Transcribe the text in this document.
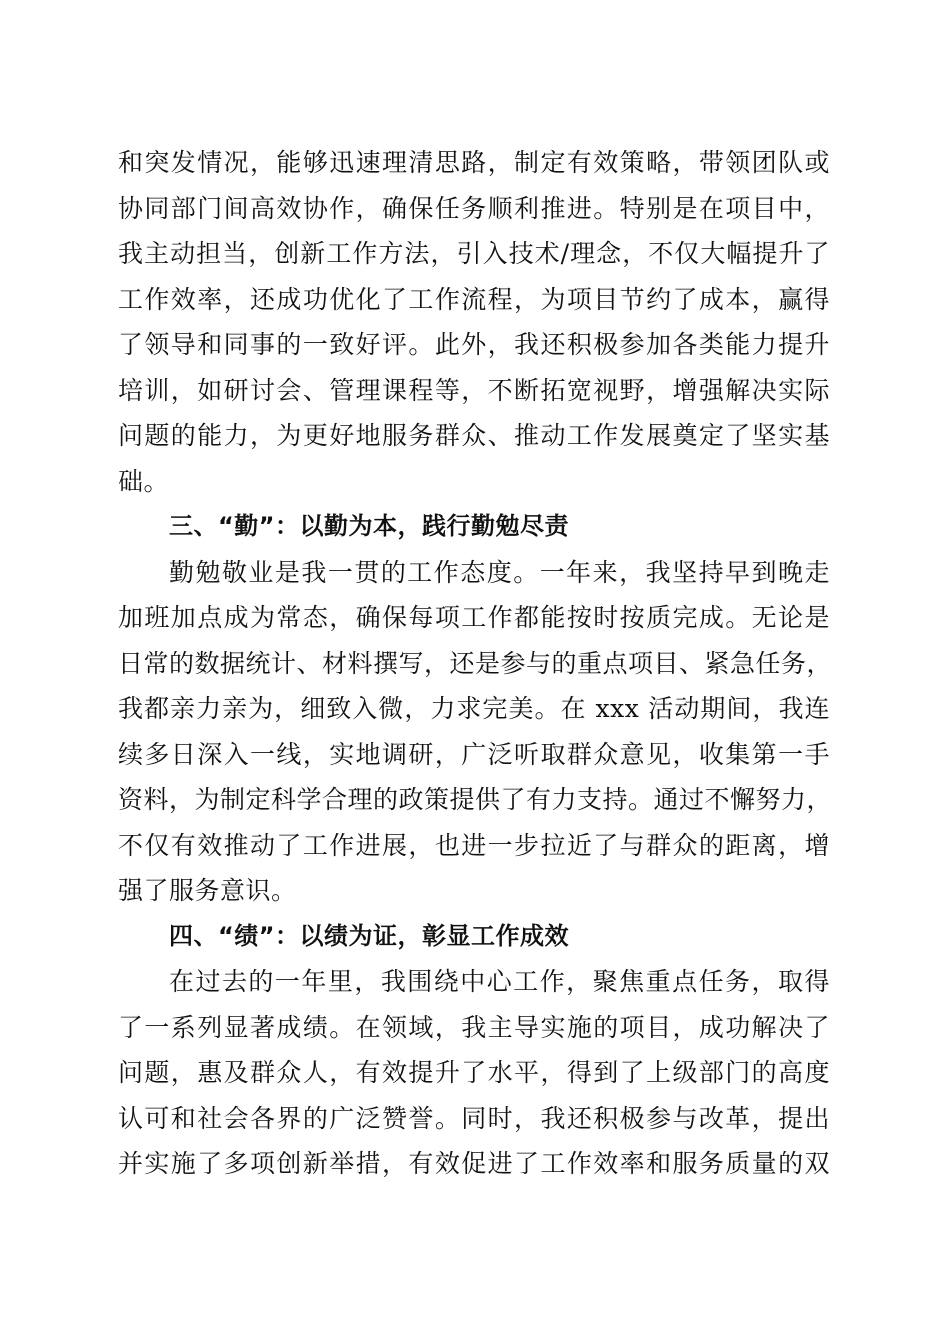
和突发情况，能够迅速理清思路，制定有效策略，带领团队或
协同部门间高效协作，确保任务顺利推进。特别是在项目中，
我主动担当，创新工作方法，引入技术/理念，不仅大幅提升了
工作效率，还成功优化了工作流程，为项目节约了成本，赢得
了领导和同事的一致好评。此外，我还积极参加各类能力提升
培训，如研讨会、管理课程等，不断拓宽视野，增强解决实际
问题的能力，为更好地服务群众、推动工作发展奠定了坚实基
础。
三、“勤”：以勤为本，践行勤勉尽责
勤勉敬业是我一贯的工作态度。一年来，我坚持早到晚走
加班加点成为常态，确保每项工作都能按时按质完成。无论是
日常的数据统计、材料撰写，还是参与的重点项目、紧急任务，
我都亲力亲为，细致入微，力求完美。在 xxx 活动期间，我连
续多日深入一线，实地调研，广泛听取群众意见，收集第一手
资料，为制定科学合理的政策提供了有力支持。通过不懈努力，
不仅有效推动了工作进展，也进一步拉近了与群众的距离，增
强了服务意识。
四、“绩”：以绩为证，彰显工作成效
在过去的一年里，我围绕中心工作，聚焦重点任务，取得
了一系列显著成绩。在领域，我主导实施的项目，成功解决了
问题，惠及群众人，有效提升了水平，得到了上级部门的高度
认可和社会各界的广泛赞誉。同时，我还积极参与改革，提出
并实施了多项创新举措，有效促进了工作效率和服务质量的双
